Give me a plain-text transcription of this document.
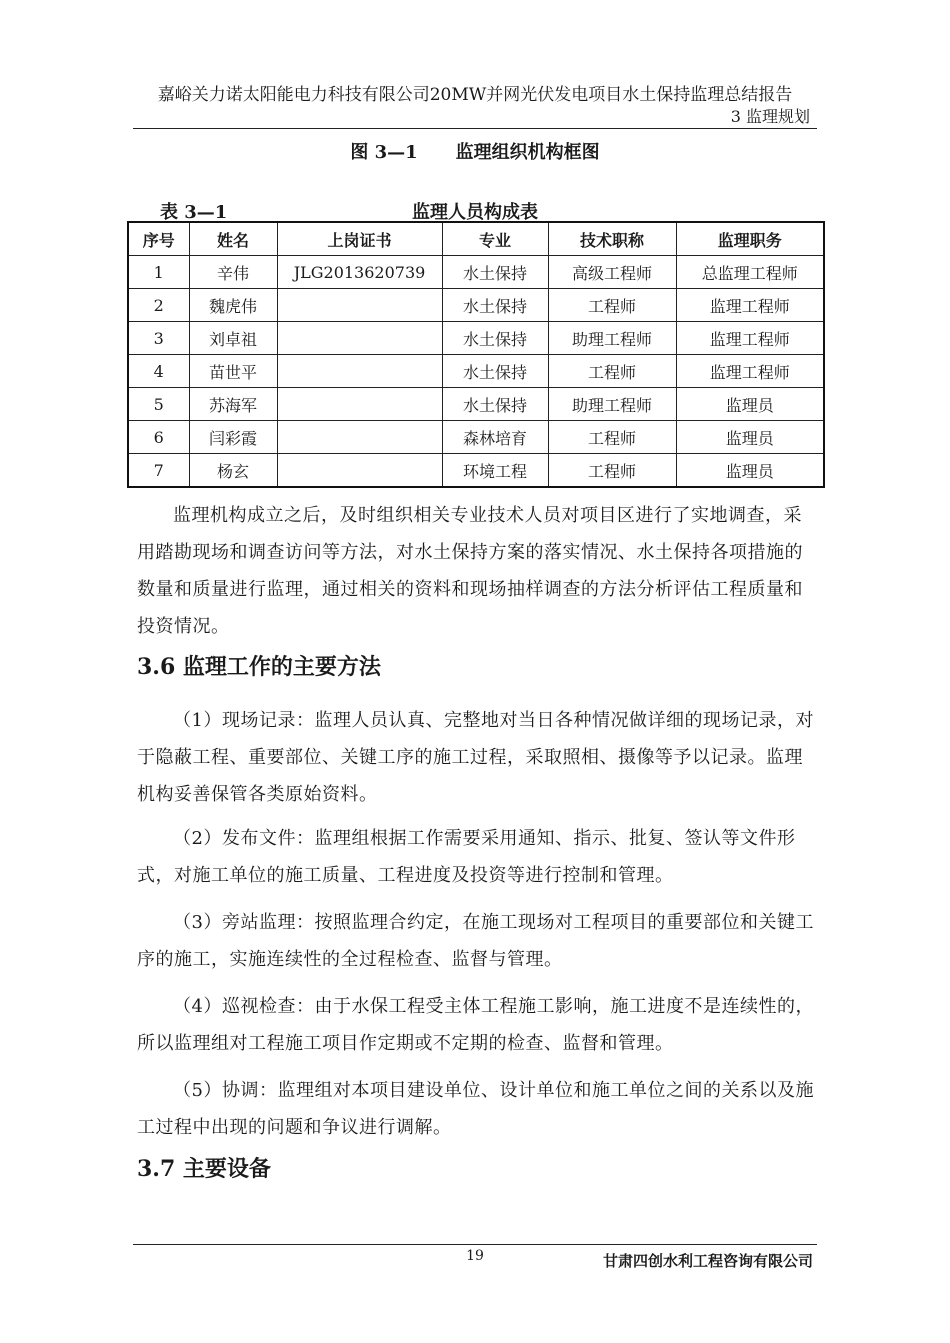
嘉峪关力诺太阳能电力科技有限公司20MW并网光伏发电项目水土保持监理总结报告
3 监理规划
图 3—1 监理组织机构框图
表 3—1	监理人员构成表
序号	姓名	上岗证书	专业	技术职称	监理职务
1	辛伟	JLG2013620739	水土保持	高级工程师	总监理工程师
2	魏虎伟		水土保持	工程师	监理工程师
3	刘卓祖		水土保持	助理工程师	监理工程师
4	苗世平		水土保持	工程师	监理工程师
5	苏海军		水土保持	助理工程师	监理员
6	闫彩霞		森林培育	工程师	监理员
7	杨玄		环境工程	工程师	监理员

监理机构成立之后，及时组织相关专业技术人员对项目区进行了实地调查，采用踏勘现场和调查访问等方法，对水土保持方案的落实情况、水土保持各项措施的数量和质量进行监理，通过相关的资料和现场抽样调查的方法分析评估工程质量和投资情况。

3.6 监理工作的主要方法

（1）现场记录：监理人员认真、完整地对当日各种情况做详细的现场记录，对于隐蔽工程、重要部位、关键工序的施工过程，采取照相、摄像等予以记录。监理机构妥善保管各类原始资料。

（2）发布文件：监理组根据工作需要采用通知、指示、批复、签认等文件形式，对施工单位的施工质量、工程进度及投资等进行控制和管理。

（3）旁站监理：按照监理合约定，在施工现场对工程项目的重要部位和关键工序的施工，实施连续性的全过程检查、监督与管理。

（4）巡视检查：由于水保工程受主体工程施工影响，施工进度不是连续性的，所以监理组对工程施工项目作定期或不定期的检查、监督和管理。

（5）协调：监理组对本项目建设单位、设计单位和施工单位之间的关系以及施工过程中出现的问题和争议进行调解。

3.7 主要设备
19	甘肃四创水利工程咨询有限公司
